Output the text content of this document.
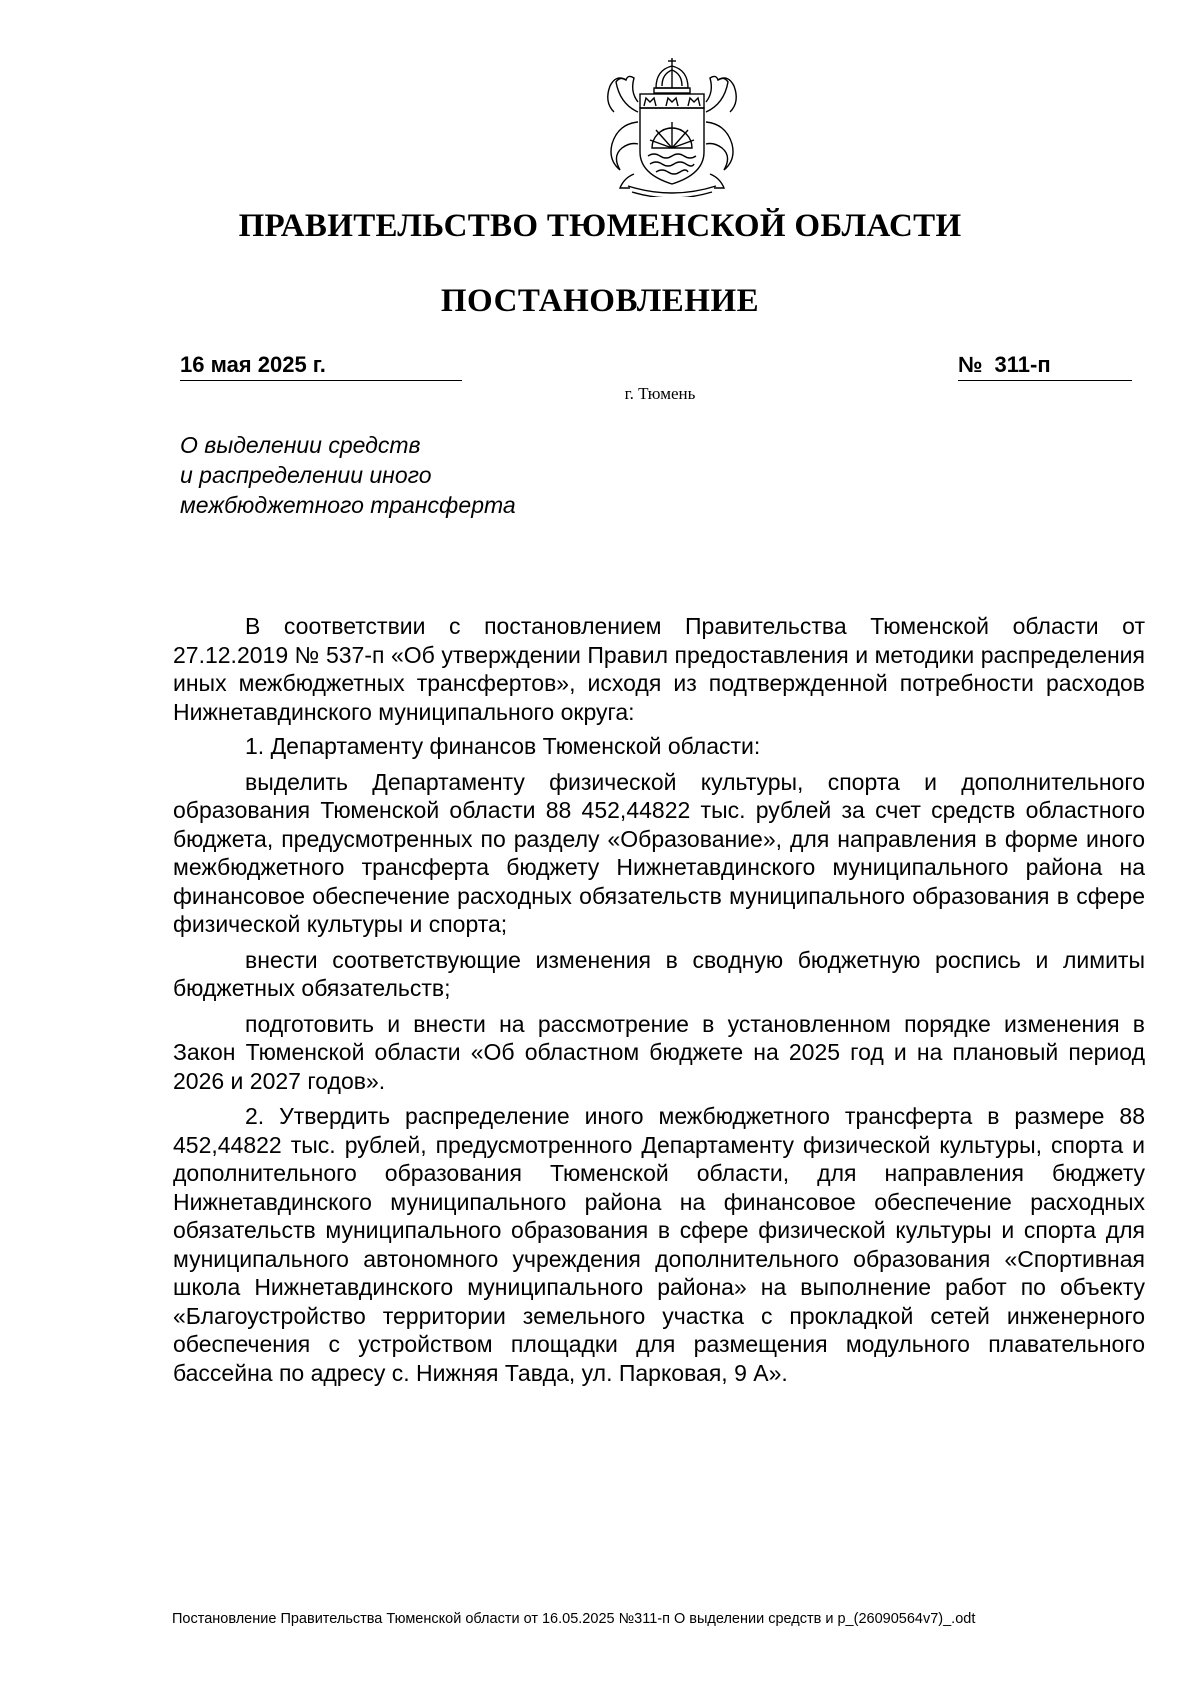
ПРАВИТЕЛЬСТВО ТЮМЕНСКОЙ ОБЛАСТИ
ПОСТАНОВЛЕНИЕ
16 мая 2025 г.	№ 311-п
г. Тюмень
О выделении средств
и распределении иного
межбюджетного трансферта

В соответствии с постановлением Правительства Тюменской области от 27.12.2019 № 537-п «Об утверждении Правил предоставления и методики распределения иных межбюджетных трансфертов», исходя из подтвержденной потребности расходов Нижнетавдинского муниципального округа:

1. Департаменту финансов Тюменской области:

выделить Департаменту физической культуры, спорта и дополнительного образования Тюменской области 88 452,44822 тыс. рублей за счет средств областного бюджета, предусмотренных по разделу «Образование», для направления в форме иного межбюджетного трансферта бюджету Нижнетавдинского муниципального района на финансовое обеспечение расходных обязательств муниципального образования в сфере физической культуры и спорта;

внести соответствующие изменения в сводную бюджетную роспись и лимиты бюджетных обязательств;

подготовить и внести на рассмотрение в установленном порядке изменения в Закон Тюменской области «Об областном бюджете на 2025 год и на плановый период 2026 и 2027 годов».

2. Утвердить распределение иного межбюджетного трансферта в размере 88 452,44822 тыс. рублей, предусмотренного Департаменту физической культуры, спорта и дополнительного образования Тюменской области, для направления бюджету Нижнетавдинского муниципального района на финансовое обеспечение расходных обязательств муниципального образования в сфере физической культуры и спорта для муниципального автономного учреждения дополнительного образования «Спортивная школа Нижнетавдинского муниципального района» на выполнение работ по объекту «Благоустройство территории земельного участка с прокладкой сетей инженерного обеспечения с устройством площадки для размещения модульного плавательного бассейна по адресу с. Нижняя Тавда, ул. Парковая, 9 А».

Постановление Правительства Тюменской области от 16.05.2025 №311-п О выделении средств и р_(26090564v7)_.odt
